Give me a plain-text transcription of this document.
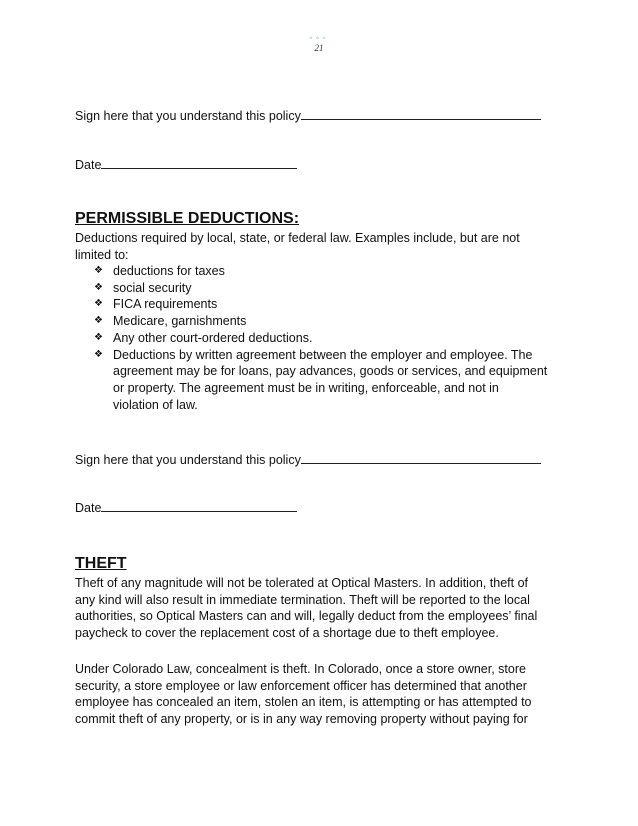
◦◦◦
21
Sign here that you understand this policy
Date
PERMISSIBLE DEDUCTIONS:

Deductions required by local, state, or federal law. Examples include, but are not
limited to:

❖ deductions for taxes
❖ social security
❖ FICA requirements
❖ Medicare, garnishments
❖ Any other court-ordered deductions.
❖ Deductions by written agreement between the employer and employee. The
agreement may be for loans, pay advances, goods or services, and equipment
or property. The agreement must be in writing, enforceable, and not in
violation of law.
Sign here that you understand this policy
Date
THEFT

Theft of any magnitude will not be tolerated at Optical Masters. In addition, theft of
any kind will also result in immediate termination. Theft will be reported to the local
authorities, so Optical Masters can and will, legally deduct from the employees’ final
paycheck to cover the replacement cost of a shortage due to theft employee.

Under Colorado Law, concealment is theft. In Colorado, once a store owner, store
security, a store employee or law enforcement officer has determined that another
employee has concealed an item, stolen an item, is attempting or has attempted to
commit theft of any property, or is in any way removing property without paying for
